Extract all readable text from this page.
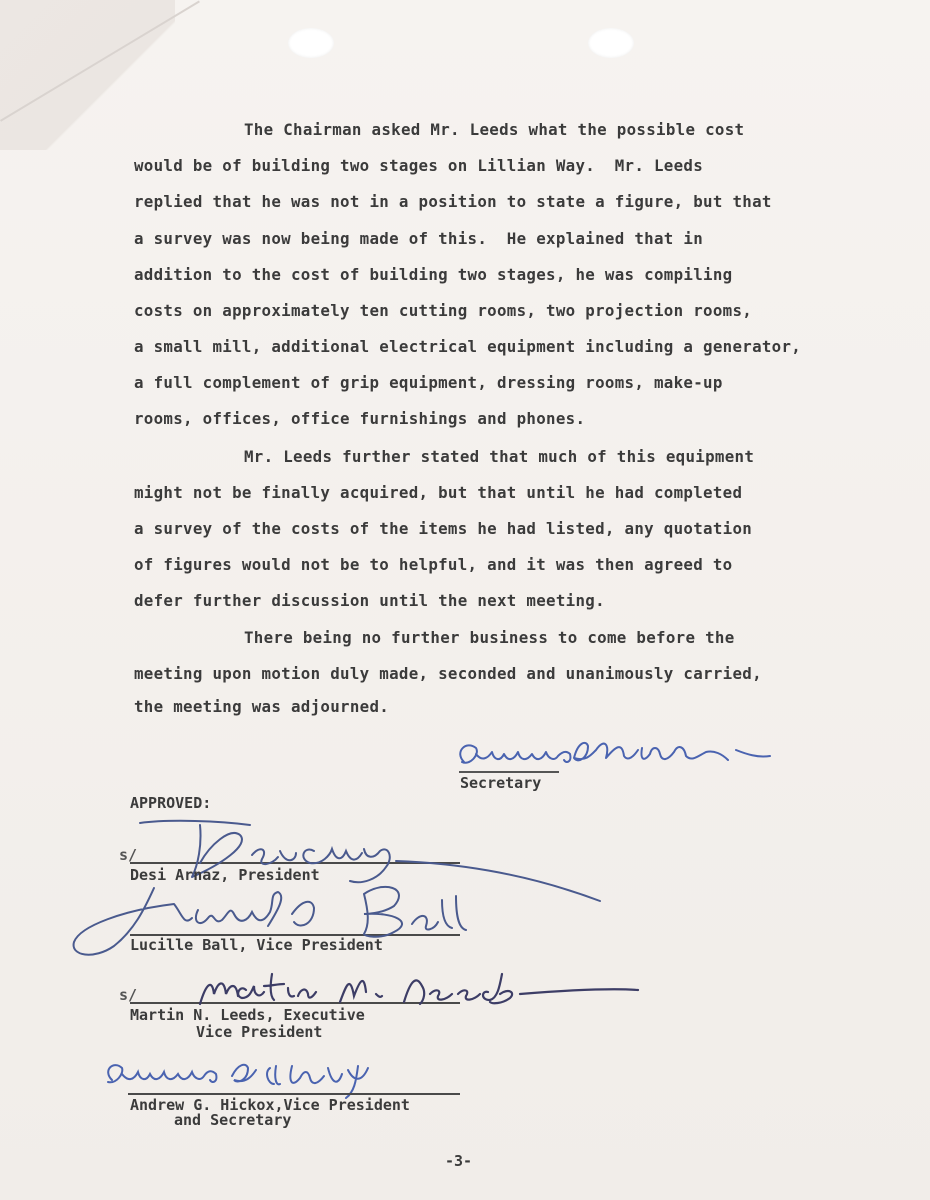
The Chairman asked Mr. Leeds what the possible cost
would be of building two stages on Lillian Way.  Mr. Leeds
replied that he was not in a position to state a figure, but that
a survey was now being made of this.  He explained that in
addition to the cost of building two stages, he was compiling
costs on approximately ten cutting rooms, two projection rooms,
a small mill, additional electrical equipment including a generator,
a full complement of grip equipment, dressing rooms, make-up
rooms, offices, office furnishings and phones.
Mr. Leeds further stated that much of this equipment
might not be finally acquired, but that until he had completed
a survey of the costs of the items he had listed, any quotation
of figures would not be to helpful, and it was then agreed to
defer further discussion until the next meeting.
There being no further business to come before the
meeting upon motion duly made, seconded and unanimously carried,
the meeting was adjourned.
Secretary
APPROVED:
s/
Desi Arnaz, President
Lucille Ball, Vice President
s/
Martin N. Leeds, Executive
Vice President
Andrew G. Hickox,Vice President
and Secretary
-3-
